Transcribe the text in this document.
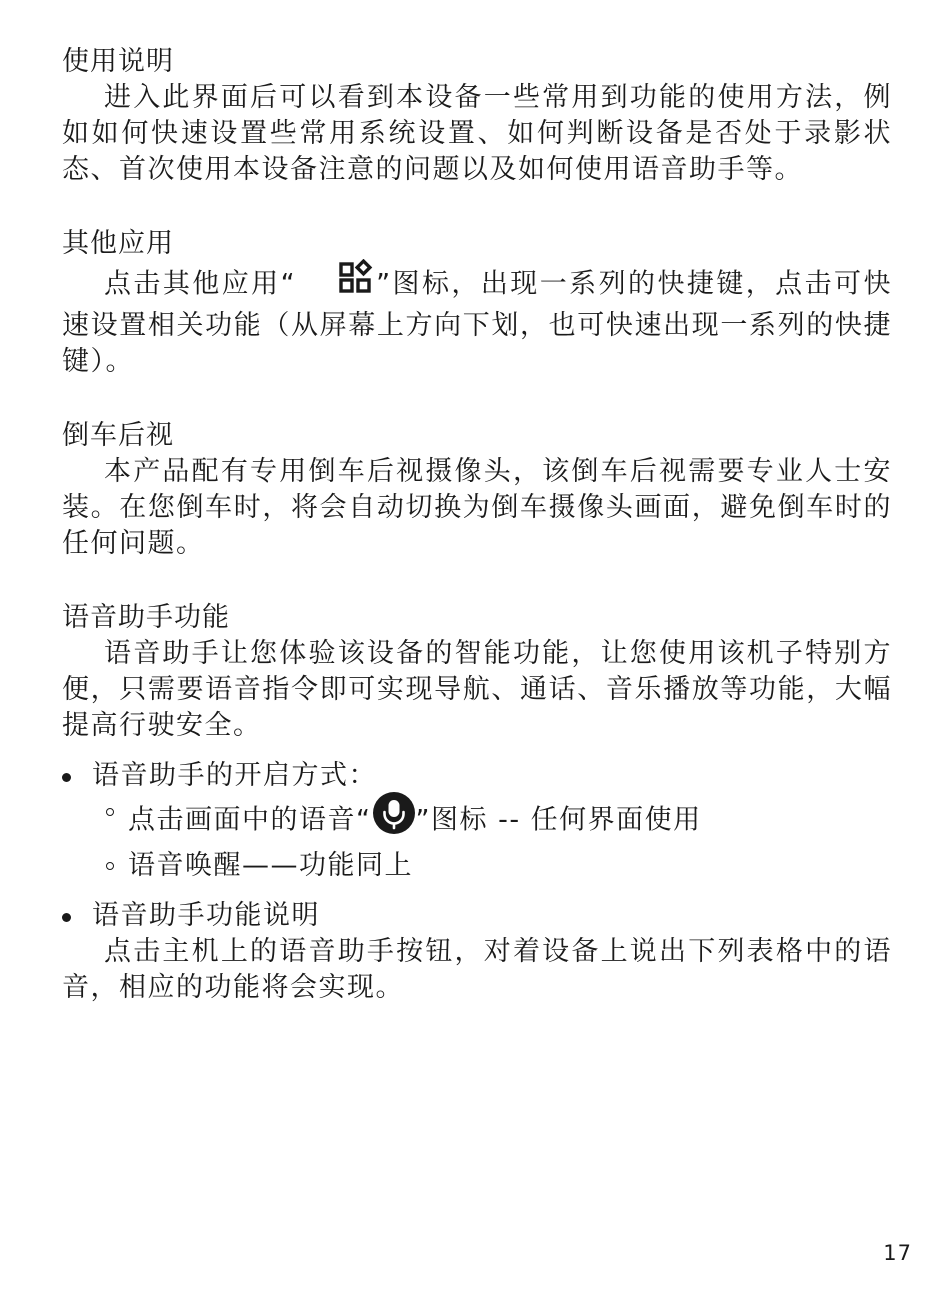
使用说明

进入此界面后可以看到本设备一些常用到功能的使用方法，例如如何快速设置些常用系统设置、如何判断设备是否处于录影状态、首次使用本设备注意的问题以及如何使用语音助手等。

其他应用

点击其他应用“	”图标，出现一系列的快捷键，点击可快速设置相关功能（从屏幕上方向下划，也可快速出现一系列的快捷键）。

倒车后视

本产品配有专用倒车后视摄像头，该倒车后视需要专业人士安装。在您倒车时，将会自动切换为倒车摄像头画面，避免倒车时的任何问题。

语音助手功能

语音助手让您体验该设备的智能功能，让您使用该机子特别方便，只需要语音指令即可实现导航、通话、音乐播放等功能，大幅提高行驶安全。

语音助手的开启方式：

点击画面中的语音“ ”图标 -- 任何界面使用

语音唤醒——功能同上

语音助手功能说明

点击主机上的语音助手按钮，对着设备上说出下列表格中的语音，相应的功能将会实现。

17
